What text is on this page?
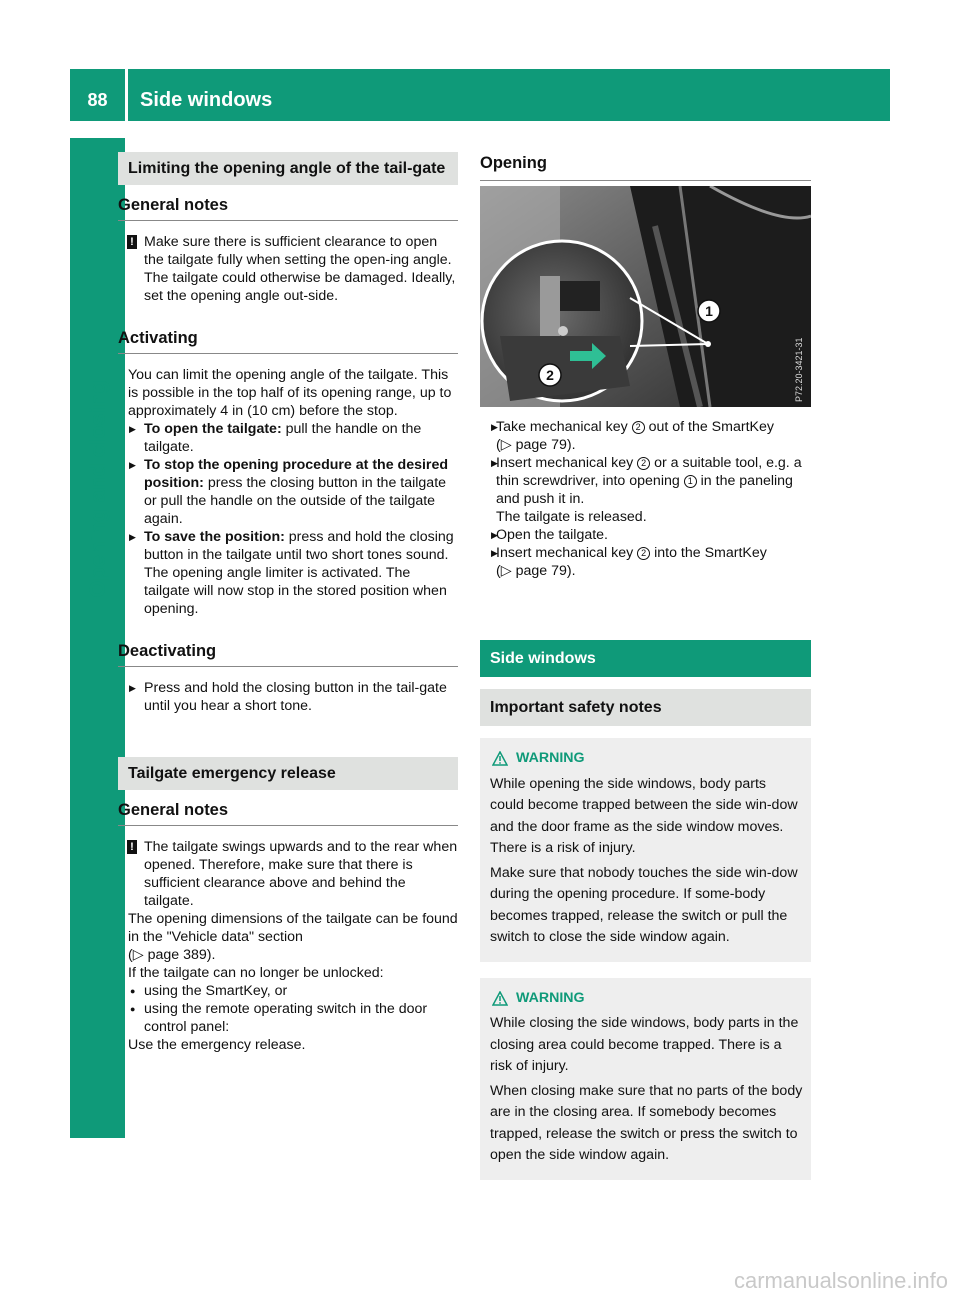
88	Side windows
Opening and closing
Limiting the opening angle of the tail-gate
General notes
! Make sure there is sufficient clearance to open the tailgate fully when setting the open-ing angle. The tailgate could otherwise be damaged. Ideally, set the opening angle out-side.
Activating

You can limit the opening angle of the tailgate. This is possible in the top half of its opening range, up to approximately 4 in (10 cm) before the stop.

▶ To open the tailgate: pull the handle on the tailgate.
▶ To stop the opening procedure at the desired position: press the closing button in the tailgate or pull the handle on the outside of the tailgate again.
▶ To save the position: press and hold the closing button in the tailgate until two short tones sound.

The opening angle limiter is activated. The tailgate will now stop in the stored position when opening.

Deactivating
▶ Press and hold the closing button in the tail-gate until you hear a short tone.
Tailgate emergency release
General notes
! The tailgate swings upwards and to the rear when opened. Therefore, make sure that there is sufficient clearance above and behind the tailgate.

The opening dimensions of the tailgate can be found in the "Vehicle data" section

(▷ page 389).

If the tailgate can no longer be unlocked:

● using the SmartKey, or
● using the remote operating switch in the door control panel:

Use the emergency release.

Opening
1
2	P72.20-3421-31
▶ Take mechanical key 2 out of the SmartKey

(▷ page 79).

▶ Insert mechanical key 2 or a suitable tool, e.g. a thin screwdriver, into opening 1 in the paneling and push it in.

The tailgate is released.

▶ Open the tailgate.
▶ Insert mechanical key 2 into the SmartKey

(▷ page 79).

Side windows
Important safety notes
WARNING

While opening the side windows, body parts could become trapped between the side win-dow and the door frame as the side window moves. There is a risk of injury.

Make sure that nobody touches the side win-dow during the opening procedure. If some-body becomes trapped, release the switch or pull the switch to close the side window again.

WARNING

While closing the side windows, body parts in the closing area could become trapped. There is a risk of injury.

When closing make sure that no parts of the body are in the closing area. If somebody becomes trapped, release the switch or press the switch to open the side window again.

carmanualsonline.info
